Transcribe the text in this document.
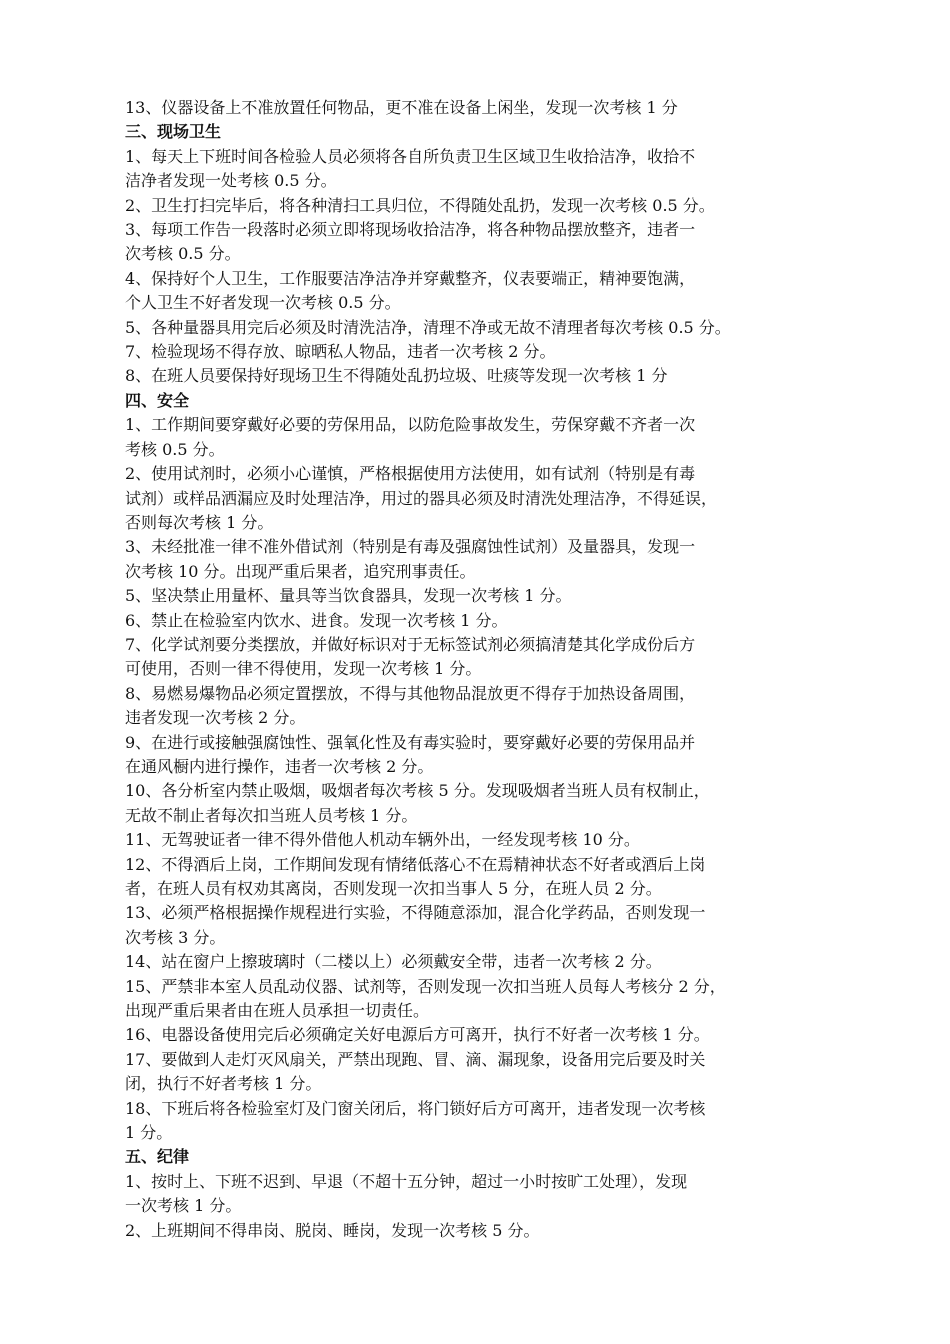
13、仪器设备上不准放置任何物品，更不准在设备上闲坐，发现一次考核 1 分
三、现场卫生
1、每天上下班时间各检验人员必须将各自所负责卫生区域卫生收拾洁净，收拾不
洁净者发现一处考核 0.5 分。
2、卫生打扫完毕后，将各种清扫工具归位，不得随处乱扔，发现一次考核 0.5 分。
3、每项工作告一段落时必须立即将现场收拾洁净，将各种物品摆放整齐，违者一
次考核 0.5 分。
4、保持好个人卫生，工作服要洁净洁净并穿戴整齐，仪表要端正，精神要饱满，
个人卫生不好者发现一次考核 0.5 分。
5、各种量器具用完后必须及时清洗洁净，清理不净或无故不清理者每次考核 0.5 分。
7、检验现场不得存放、晾晒私人物品，违者一次考核 2 分。
8、在班人员要保持好现场卫生不得随处乱扔垃圾、吐痰等发现一次考核 1 分
四、安全
1、工作期间要穿戴好必要的劳保用品，以防危险事故发生，劳保穿戴不齐者一次
考核 0.5 分。
2、使用试剂时，必须小心谨慎，严格根据使用方法使用，如有试剂（特别是有毒
试剂）或样品洒漏应及时处理洁净，用过的器具必须及时清洗处理洁净，不得延误，
否则每次考核 1 分。
3、未经批准一律不准外借试剂（特别是有毒及强腐蚀性试剂）及量器具，发现一
次考核 10 分。出现严重后果者，追究刑事责任。
5、坚决禁止用量杯、量具等当饮食器具，发现一次考核 1 分。
6、禁止在检验室内饮水、进食。发现一次考核 1 分。
7、化学试剂要分类摆放，并做好标识对于无标签试剂必须搞清楚其化学成份后方
可使用，否则一律不得使用，发现一次考核 1 分。
8、易燃易爆物品必须定置摆放，不得与其他物品混放更不得存于加热设备周围，
违者发现一次考核 2 分。
9、在进行或接触强腐蚀性、强氧化性及有毒实验时，要穿戴好必要的劳保用品并
在通风橱内进行操作，违者一次考核 2 分。
10、各分析室内禁止吸烟，吸烟者每次考核 5 分。发现吸烟者当班人员有权制止，
无故不制止者每次扣当班人员考核 1 分。
11、无驾驶证者一律不得外借他人机动车辆外出，一经发现考核 10 分。
12、不得酒后上岗，工作期间发现有情绪低落心不在焉精神状态不好者或酒后上岗
者，在班人员有权劝其离岗，否则发现一次扣当事人 5 分，在班人员 2 分。
13、必须严格根据操作规程进行实验，不得随意添加，混合化学药品，否则发现一
次考核 3 分。
14、站在窗户上擦玻璃时（二楼以上）必须戴安全带，违者一次考核 2 分。
15、严禁非本室人员乱动仪器、试剂等，否则发现一次扣当班人员每人考核分 2 分，
出现严重后果者由在班人员承担一切责任。
16、电器设备使用完后必须确定关好电源后方可离开，执行不好者一次考核 1 分。
17、要做到人走灯灭风扇关，严禁出现跑、冒、滴、漏现象，设备用完后要及时关
闭，执行不好者考核 1 分。
18、下班后将各检验室灯及门窗关闭后，将门锁好后方可离开，违者发现一次考核
1 分。
五、纪律
1、按时上、下班不迟到、早退（不超十五分钟，超过一小时按旷工处理），发现
一次考核 1 分。
2、上班期间不得串岗、脱岗、睡岗，发现一次考核 5 分。
